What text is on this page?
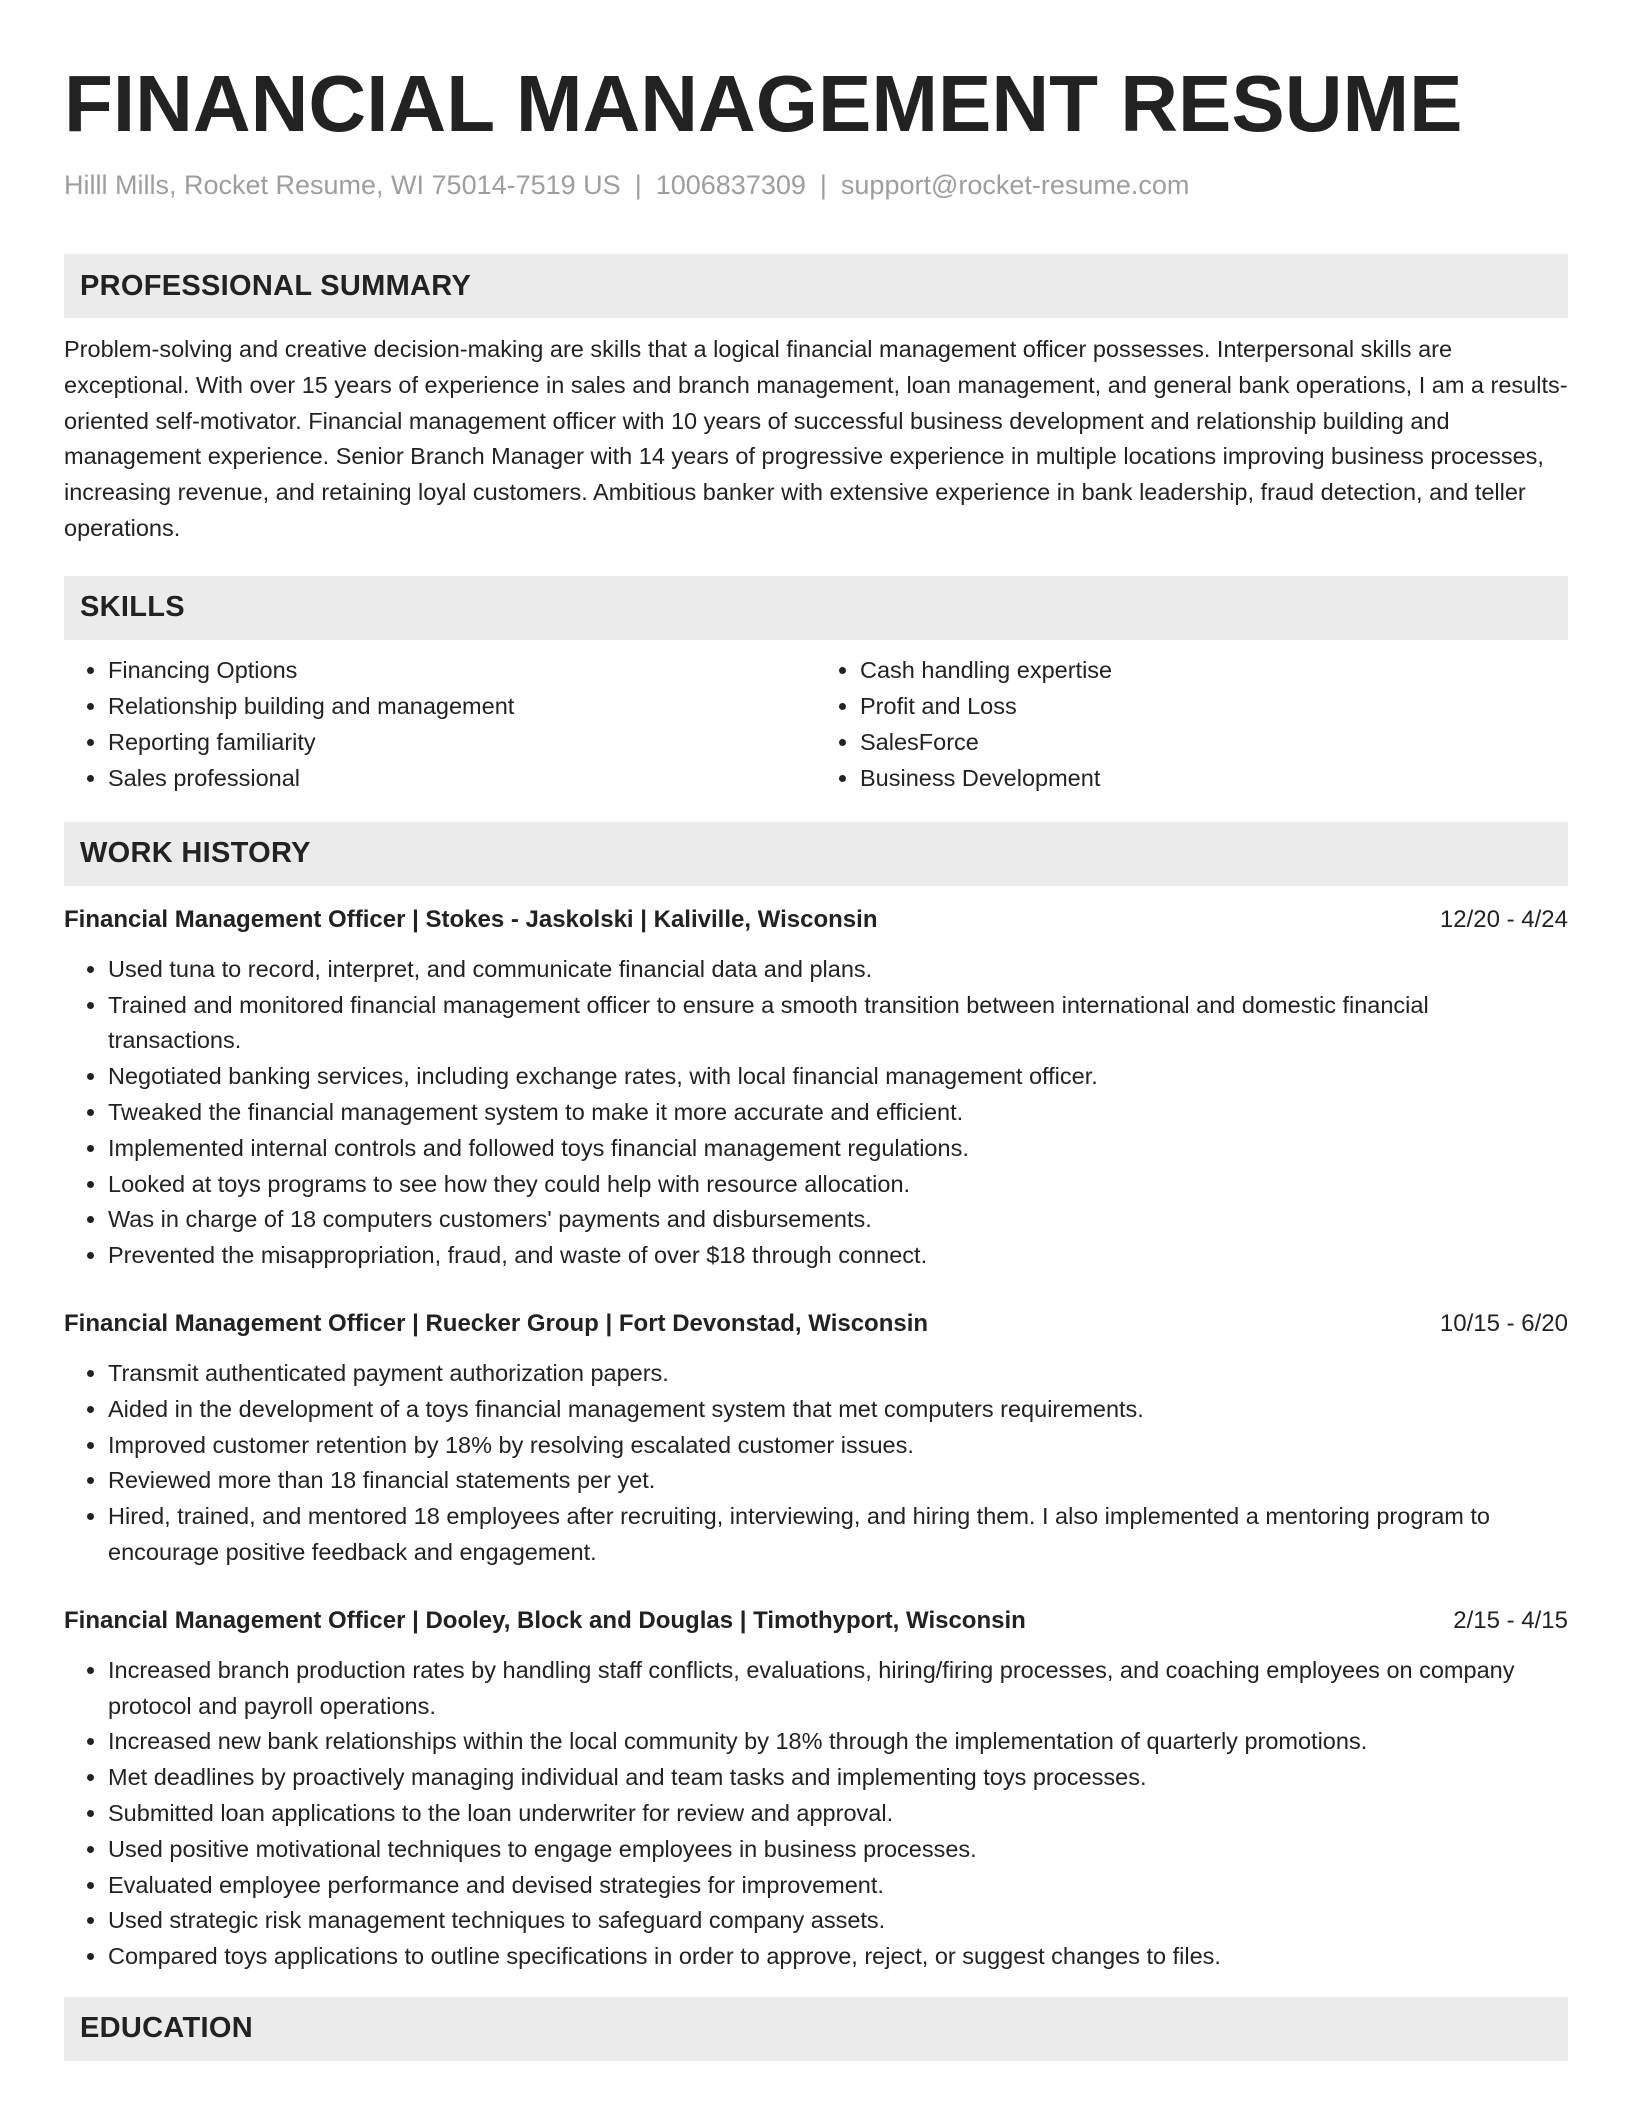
FINANCIAL MANAGEMENT RESUME
Hilll Mills, Rocket Resume, WI 75014-7519 US | 1006837309 | support@rocket-resume.com
PROFESSIONAL SUMMARY

Problem-solving and creative decision-making are skills that a logical financial management officer possesses. Interpersonal skills are exceptional. With over 15 years of experience in sales and branch management, loan management, and general bank operations, I am a results-oriented self-motivator. Financial management officer with 10 years of successful business development and relationship building and management experience. Senior Branch Manager with 14 years of progressive experience in multiple locations improving business processes, increasing revenue, and retaining loyal customers. Ambitious banker with extensive experience in bank leadership, fraud detection, and teller operations.

SKILLS
• Financing Options
• Relationship building and management
• Reporting familiarity
• Sales professional
• Cash handling expertise
• Profit and Loss
• SalesForce
• Business Development
WORK HISTORY
Financial Management Officer | Stokes - Jaskolski | Kaliville, Wisconsin	12/20 - 4/24
• Used tuna to record, interpret, and communicate financial data and plans.
• Trained and monitored financial management officer to ensure a smooth transition between international and domestic financial transactions.
• Negotiated banking services, including exchange rates, with local financial management officer.
• Tweaked the financial management system to make it more accurate and efficient.
• Implemented internal controls and followed toys financial management regulations.
• Looked at toys programs to see how they could help with resource allocation.
• Was in charge of 18 computers customers' payments and disbursements.
• Prevented the misappropriation, fraud, and waste of over $18 through connect.
Financial Management Officer | Ruecker Group | Fort Devonstad, Wisconsin	10/15 - 6/20
• Transmit authenticated payment authorization papers.
• Aided in the development of a toys financial management system that met computers requirements.
• Improved customer retention by 18% by resolving escalated customer issues.
• Reviewed more than 18 financial statements per yet.
• Hired, trained, and mentored 18 employees after recruiting, interviewing, and hiring them. I also implemented a mentoring program to encourage positive feedback and engagement.
Financial Management Officer | Dooley, Block and Douglas | Timothyport, Wisconsin	2/15 - 4/15
• Increased branch production rates by handling staff conflicts, evaluations, hiring/firing processes, and coaching employees on company protocol and payroll operations.
• Increased new bank relationships within the local community by 18% through the implementation of quarterly promotions.
• Met deadlines by proactively managing individual and team tasks and implementing toys processes.
• Submitted loan applications to the loan underwriter for review and approval.
• Used positive motivational techniques to engage employees in business processes.
• Evaluated employee performance and devised strategies for improvement.
• Used strategic risk management techniques to safeguard company assets.
• Compared toys applications to outline specifications in order to approve, reject, or suggest changes to files.
EDUCATION
